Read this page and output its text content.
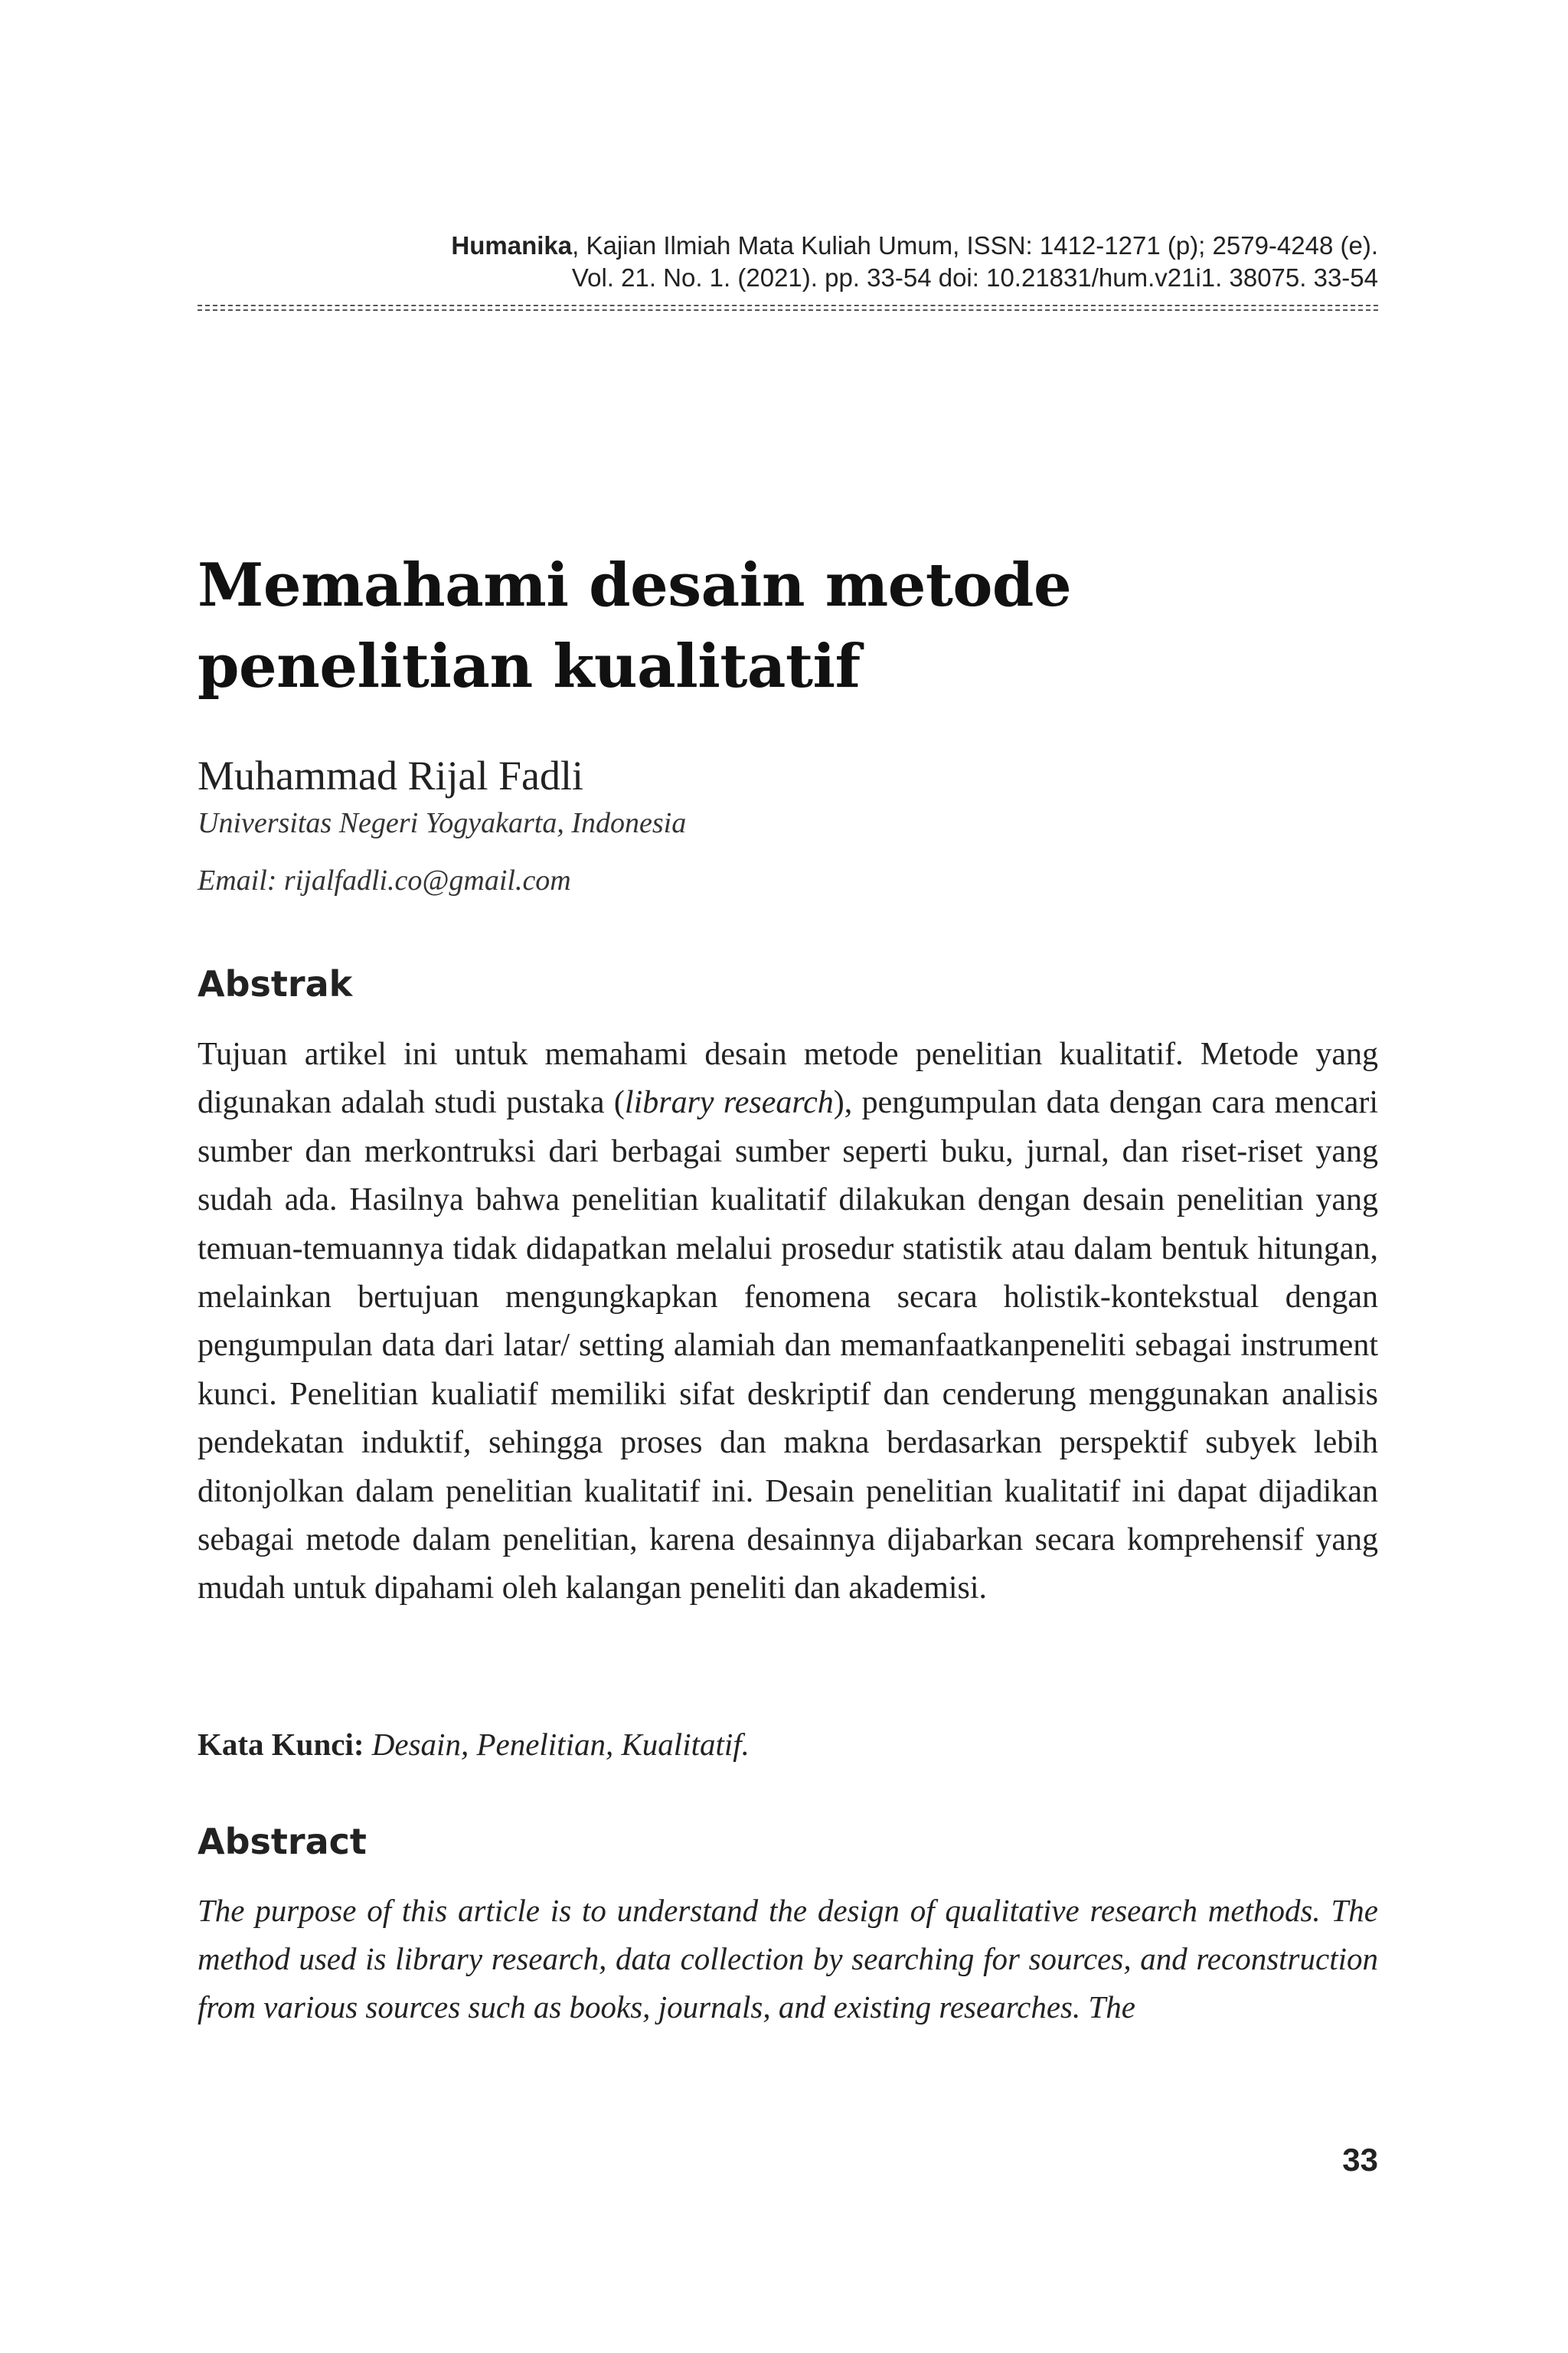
Humanika, Kajian Ilmiah Mata Kuliah Umum, ISSN: 1412-1271 (p); 2579-4248 (e).
Vol. 21. No. 1. (2021). pp. 33-54 doi: 10.21831/hum.v21i1. 38075. 33-54
Memahami desain metode penelitian kualitatif
Muhammad Rijal Fadli
Universitas Negeri Yogyakarta, Indonesia
Email: rijalfadli.co@gmail.com
Abstrak

Tujuan artikel ini untuk memahami desain metode penelitian kualitatif. Metode yang digunakan adalah studi pustaka (library research), pengumpulan data dengan cara mencari sumber dan merkontruksi dari berbagai sumber seperti buku, jurnal, dan riset-riset yang sudah ada. Hasilnya bahwa penelitian kualitatif dilakukan dengan desain penelitian yang temuan-temuannya tidak didapatkan melalui prosedur statistik atau dalam bentuk hitungan, melainkan bertujuan mengungkapkan fenomena secara holistik-kontekstual dengan pengumpulan data dari latar/ setting alamiah dan memanfaatkanpeneliti sebagai instrument kunci. Penelitian kualiatif memiliki sifat deskriptif dan cenderung menggunakan analisis pendekatan induktif, sehingga proses dan makna berdasarkan perspektif subyek lebih ditonjolkan dalam penelitian kualitatif ini. Desain penelitian kualitatif ini dapat dijadikan sebagai metode dalam penelitian, karena desainnya dijabarkan secara komprehensif yang mudah untuk dipahami oleh kalangan peneliti dan akademisi.

Kata Kunci: Desain, Penelitian, Kualitatif.
Abstract

The purpose of this article is to understand the design of qualitative research methods. The method used is library research, data collection by searching for sources, and reconstruction from various sources such as books, journals, and existing researches. The

33
